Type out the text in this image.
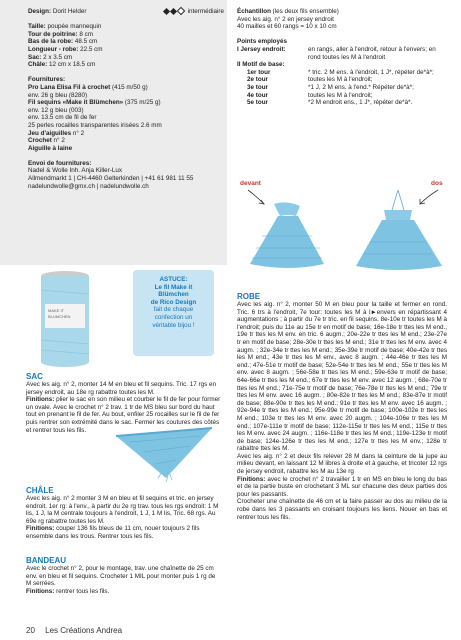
Design: Dorit Helder	intermédiaire

Taille: poupée mannequin

Tour de poitrine: 8 cm

Bas de la robe: 48.5 cm

Longueur - robe: 22.5 cm

Sac: 2 x 3.5 cm

Châle: 12 cm x 18.5 cm

Fournitures:

Pro Lana Elisa Fil à crochet (415 m/50 g)

env. 26 g bleu (8280)

Fil sequins «Make it Blümchen» (375 m/25 g)

env. 12 g bleu (003)

env. 13.5 cm de fil de fer

25 perles rocailles transparentes irisées 2.6 mm

Jeu d'aiguilles n° 2

Crochet n° 2

Aiguille à laine

Envoi de fournitures:

Nadel & Wolle Inh. Anja Killer-Lux

Allmendmarkt 1 | CH-4460 Gelterkinden | +41 61 981 11 55

nadelundwolle@gmx.ch | nadelundwolle.ch

Échantillon (les deux fils ensemble)

Avec les aig. n° 2 en jersey endroit

40 mailles et 60 rangs = 10 x 10 cm

Points employés

I Jersey endroit:	en rangs, aller à l'endroit, retour à l'envers; en rond toutes les M à l'endroit

II Motif de base:

1er tour	* tric. 2 M ens. à l'endroit, 1 J*, répéter de*à*;
2e tour	toutes les M à l'endroit;
3e tour	*1 J, 2 M ens. à l'end.* Répéter de*à*;
4e tour	toutes les M à l'endroit;
5e tour	*2 M endroit ens., 1 J*, répéter de*à*.
devant	dos
MAKE IT
BLÜMCHEN
ASTUCE:
Le fil Make it
Blümchen
de Rico Design
fait de chaque
confection un
véritable bijou !

SAC

Avec les aig. n° 2, monter 14 M en bleu et fil sequins. Tric. 17 rgs en jersey endroit, au 18e rg rabattre toutes les M.

Finitions: plier le sac en son milieu et courber le fil de fer pour former un ovale. Avec le crochet n° 2 trav. 1 tr de MS bleu sur bord du haut tout en prenant le fil de fer. Au bout, enfiler 25 rocailles sur le fil de fer puis rentrer son extrémité dans le sac. Fermer les coutures des côtés et rentrer tous les fils.

CHÂLE

Avec les aig. n° 2 monter 3 M en bleu et fil sequins et tric. en jersey endroit. 1er rg: à l'env., à partir du 2e rg trav. tous les rgs endroit: 1 M lis, 1 J, la M centrale toujours à l'endroit, 1 J, 1 M lis, Tric. 68 rgs. Au 69e rg rabattre toutes les M.

Finitions: couper 136 fils bleus de 11 cm, nouer toujours 2 fils ensemble dans les trous. Rentrer tous les fils.

BANDEAU

Avec le crochet n° 2, pour le montage, trav. une chaînette de 25 cm env. en bleu et fil sequins. Crocheter 1 MIL pour monter puis 1 rg de M serrées.

Finitions: rentrer tous les fils.

ROBE

Avec les aig. n° 2, monter 50 M en bleu pour la taille et fermer en rond. Tric. 6 trs à l'endroit, 7e tour: toutes les M à l►envers en répartissant 4 augmentations ; à partir du 7e tr tric. en fil sequins. 8e-10e tr toutes les M à l'endroit; puis du 11e au 15e tr en motif de base; 16e-18e tr ttes les M end., 19e tr ttes les M env. en tric. 6 augm.; 20e-22e tr ttes les M end.; 23e-27e tr en motif de base; 28e-30e tr ttes les M end.; 31e tr ttes les M env. avec 4 augm. ; 32e-34e tr ttes les M end.; 35e-39e tr motif de base; 40e-42e tr ttes les M end.; 43e tr ttes les M env., avec 8 augm. ; 44e-46e tr ttes les M end.; 47e-51e tr motif de base; 52e-54e tr ttes les M end.; 55e tr ttes les M env. avec 8 augm. ; 56e-58e tr ttes les M end.; 59e-63e tr motif de base; 64e-66e tr ttes les M end.; 67e tr ttes les M env. avec 12 augm. ; 68e-70e tr ttes les M end.; 71e-75e tr motif de base; 76e-78e tr ttes les M end.; 79e tr ttes les M env. avec 16 augm. ; 80e-82e tr ttes les M end.; 83e-87e tr motif de base; 88e-90e tr ttes les M end.; 91e tr ttes les M env. avec 16 augm. ; 92e-94e tr ttes les M end.; 95e-99e tr motif de base; 100e-102e tr ttes les M end.; 103e tr ttes les M env. avec 20 augm. ; 104e-106e tr ttes les M end.; 107e-111e tr motif de base; 112e-115e tr ttes les M end.; 115e tr ttes les M env. avec 24 augm. ; 116e-118e tr ttes les M end.; 119e-123e tr motif de base; 124e-126e tr ttes les M end.; 127e tr ttes les M env.; 128e tr rabattre ttes les M.

Avec les aig. n° 2 et deux fils relever 28 M dans la ceinture de la jupe au milieu devant, en laissant 12 M libres à droite et à gauche, et tricoter 12 rgs de jersey endroit, rabattre les M au 13e rg

Finitions: avec le crochet n° 2 travailler 1 tr en MS en bleu le long du bas et de la partie buste en crochetant 3 ML sur chacune des deux parties dos pour les passants.

Crocheter une chaînette de 46 cm et la faire passer au dos au milieu de la robe dans les 3 passants en croisant toujours les liens. Nouer en bas et rentrer tous les fils.

20 Les Créations Andrea
